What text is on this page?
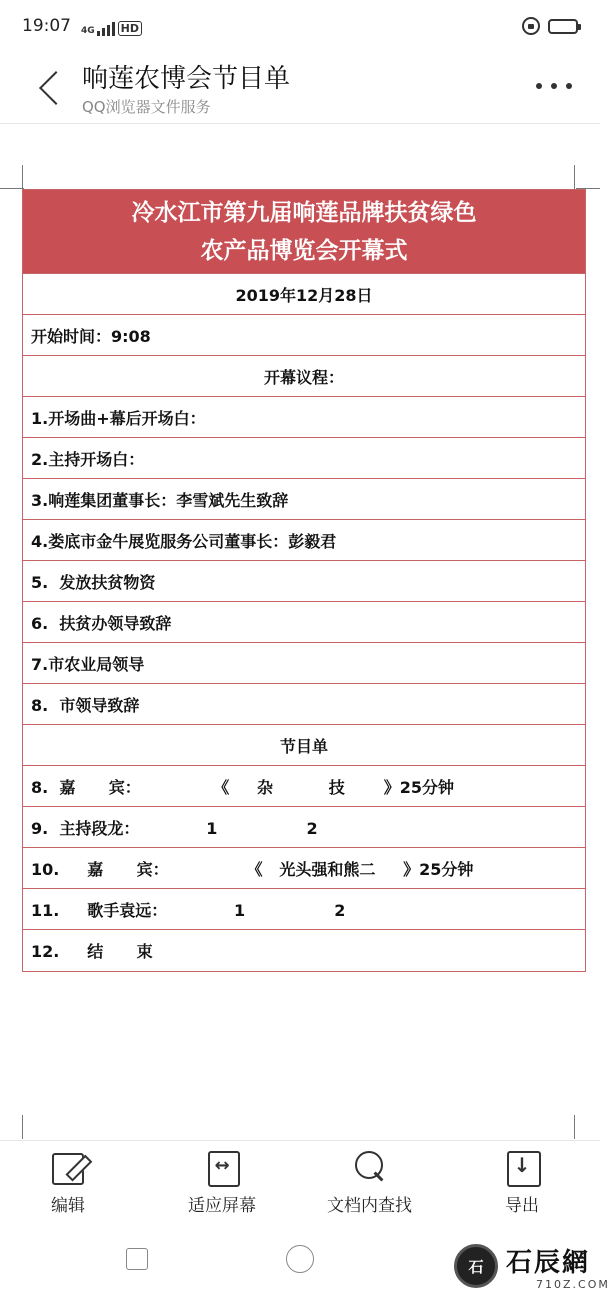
19:07 4G HD
响莲农博会节目单
QQ浏览器文件服务
冷水江市第九届响莲品牌扶贫绿色
农产品博览会开幕式
2019年12月28日
开始时间：9:08
开幕议程：
1.开场曲+幕后开场白：
2.主持开场白：
3.响莲集团董事长：李雪斌先生致辞
4.娄底市金牛展览服务公司董事长：彭毅君
5.  发放扶贫物资
6.  扶贫办领导致辞
7.市农业局领导
8.  市领导致辞
节目单
8.  嘉      宾：             《     杂          技       》25分钟
9.  主持段龙：            1                2
10.     嘉      宾：              《   光头强和熊二     》25分钟
11.     歌手袁远：            1                2
12.     结      束
编辑
↔	适应屏幕	文档内查找
↓	导出
石 石辰網
710Z.COM
